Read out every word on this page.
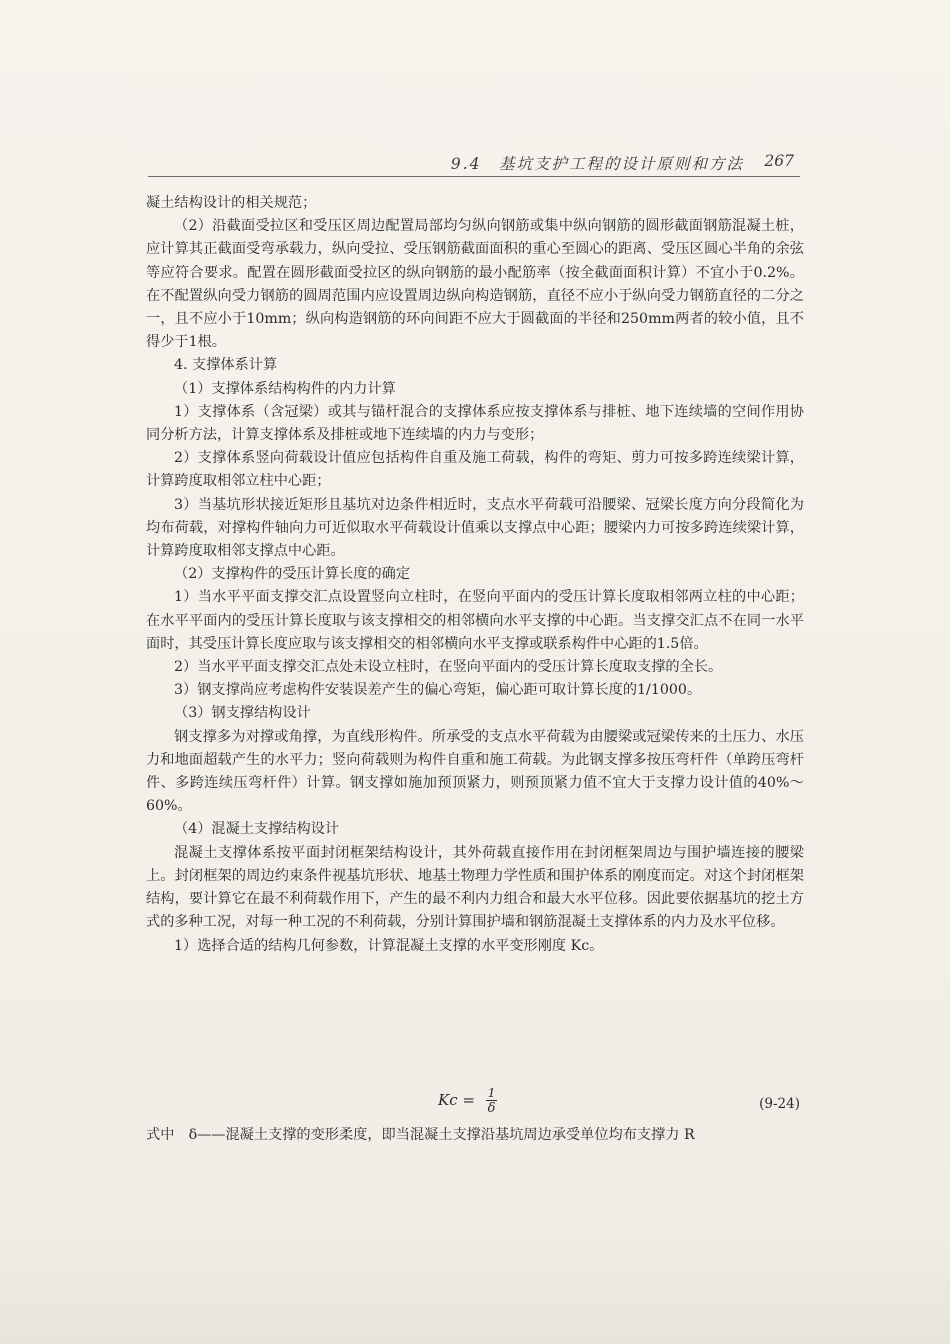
9.4　基坑支护工程的设计原则和方法 267

凝土结构设计的相关规范；

（2）沿截面受拉区和受压区周边配置局部均匀纵向钢筋或集中纵向钢筋的圆形截面钢筋混凝土桩，应计算其正截面受弯承载力，纵向受拉、受压钢筋截面面积的重心至圆心的距离、受压区圆心半角的余弦等应符合要求。配置在圆形截面受拉区的纵向钢筋的最小配筋率（按全截面面积计算）不宜小于0.2%。在不配置纵向受力钢筋的圆周范围内应设置周边纵向构造钢筋，直径不应小于纵向受力钢筋直径的二分之一，且不应小于10mm；纵向构造钢筋的环向间距不应大于圆截面的半径和250mm两者的较小值，且不得少于1根。

4. 支撑体系计算

（1）支撑体系结构构件的内力计算

1）支撑体系（含冠梁）或其与锚杆混合的支撑体系应按支撑体系与排桩、地下连续墙的空间作用协同分析方法，计算支撑体系及排桩或地下连续墙的内力与变形；

2）支撑体系竖向荷载设计值应包括构件自重及施工荷载，构件的弯矩、剪力可按多跨连续梁计算，计算跨度取相邻立柱中心距；

3）当基坑形状接近矩形且基坑对边条件相近时，支点水平荷载可沿腰梁、冠梁长度方向分段简化为均布荷载，对撑构件轴向力可近似取水平荷载设计值乘以支撑点中心距；腰梁内力可按多跨连续梁计算，计算跨度取相邻支撑点中心距。

（2）支撑构件的受压计算长度的确定

1）当水平平面支撑交汇点设置竖向立柱时，在竖向平面内的受压计算长度取相邻两立柱的中心距；在水平平面内的受压计算长度取与该支撑相交的相邻横向水平支撑的中心距。当支撑交汇点不在同一水平面时，其受压计算长度应取与该支撑相交的相邻横向水平支撑或联系构件中心距的1.5倍。

2）当水平平面支撑交汇点处未设立柱时，在竖向平面内的受压计算长度取支撑的全长。

3）钢支撑尚应考虑构件安装误差产生的偏心弯矩，偏心距可取计算长度的1/1000。

（3）钢支撑结构设计

钢支撑多为对撑或角撑，为直线形构件。所承受的支点水平荷载为由腰梁或冠梁传来的土压力、水压力和地面超载产生的水平力；竖向荷载则为构件自重和施工荷载。为此钢支撑多按压弯杆件（单跨压弯杆件、多跨连续压弯杆件）计算。钢支撑如施加预顶紧力，则预顶紧力值不宜大于支撑力设计值的40%～60%。

（4）混凝土支撑结构设计

混凝土支撑体系按平面封闭框架结构设计，其外荷载直接作用在封闭框架周边与围护墙连接的腰梁上。封闭框架的周边约束条件视基坑形状、地基土物理力学性质和围护体系的刚度而定。对这个封闭框架结构，要计算它在最不利荷载作用下，产生的最不利内力组合和最大水平位移。因此要依据基坑的挖土方式的多种工况，对每一种工况的不利荷载，分别计算围护墙和钢筋混凝土支撑体系的内力及水平位移。

1）选择合适的结构几何参数，计算混凝土支撑的水平变形刚度 Kc。

$Kc = \frac{1}{\delta}$	(9-24)
式中　δ——混凝土支撑的变形柔度，即当混凝土支撑沿基坑周边承受单位均布支撑力 R
